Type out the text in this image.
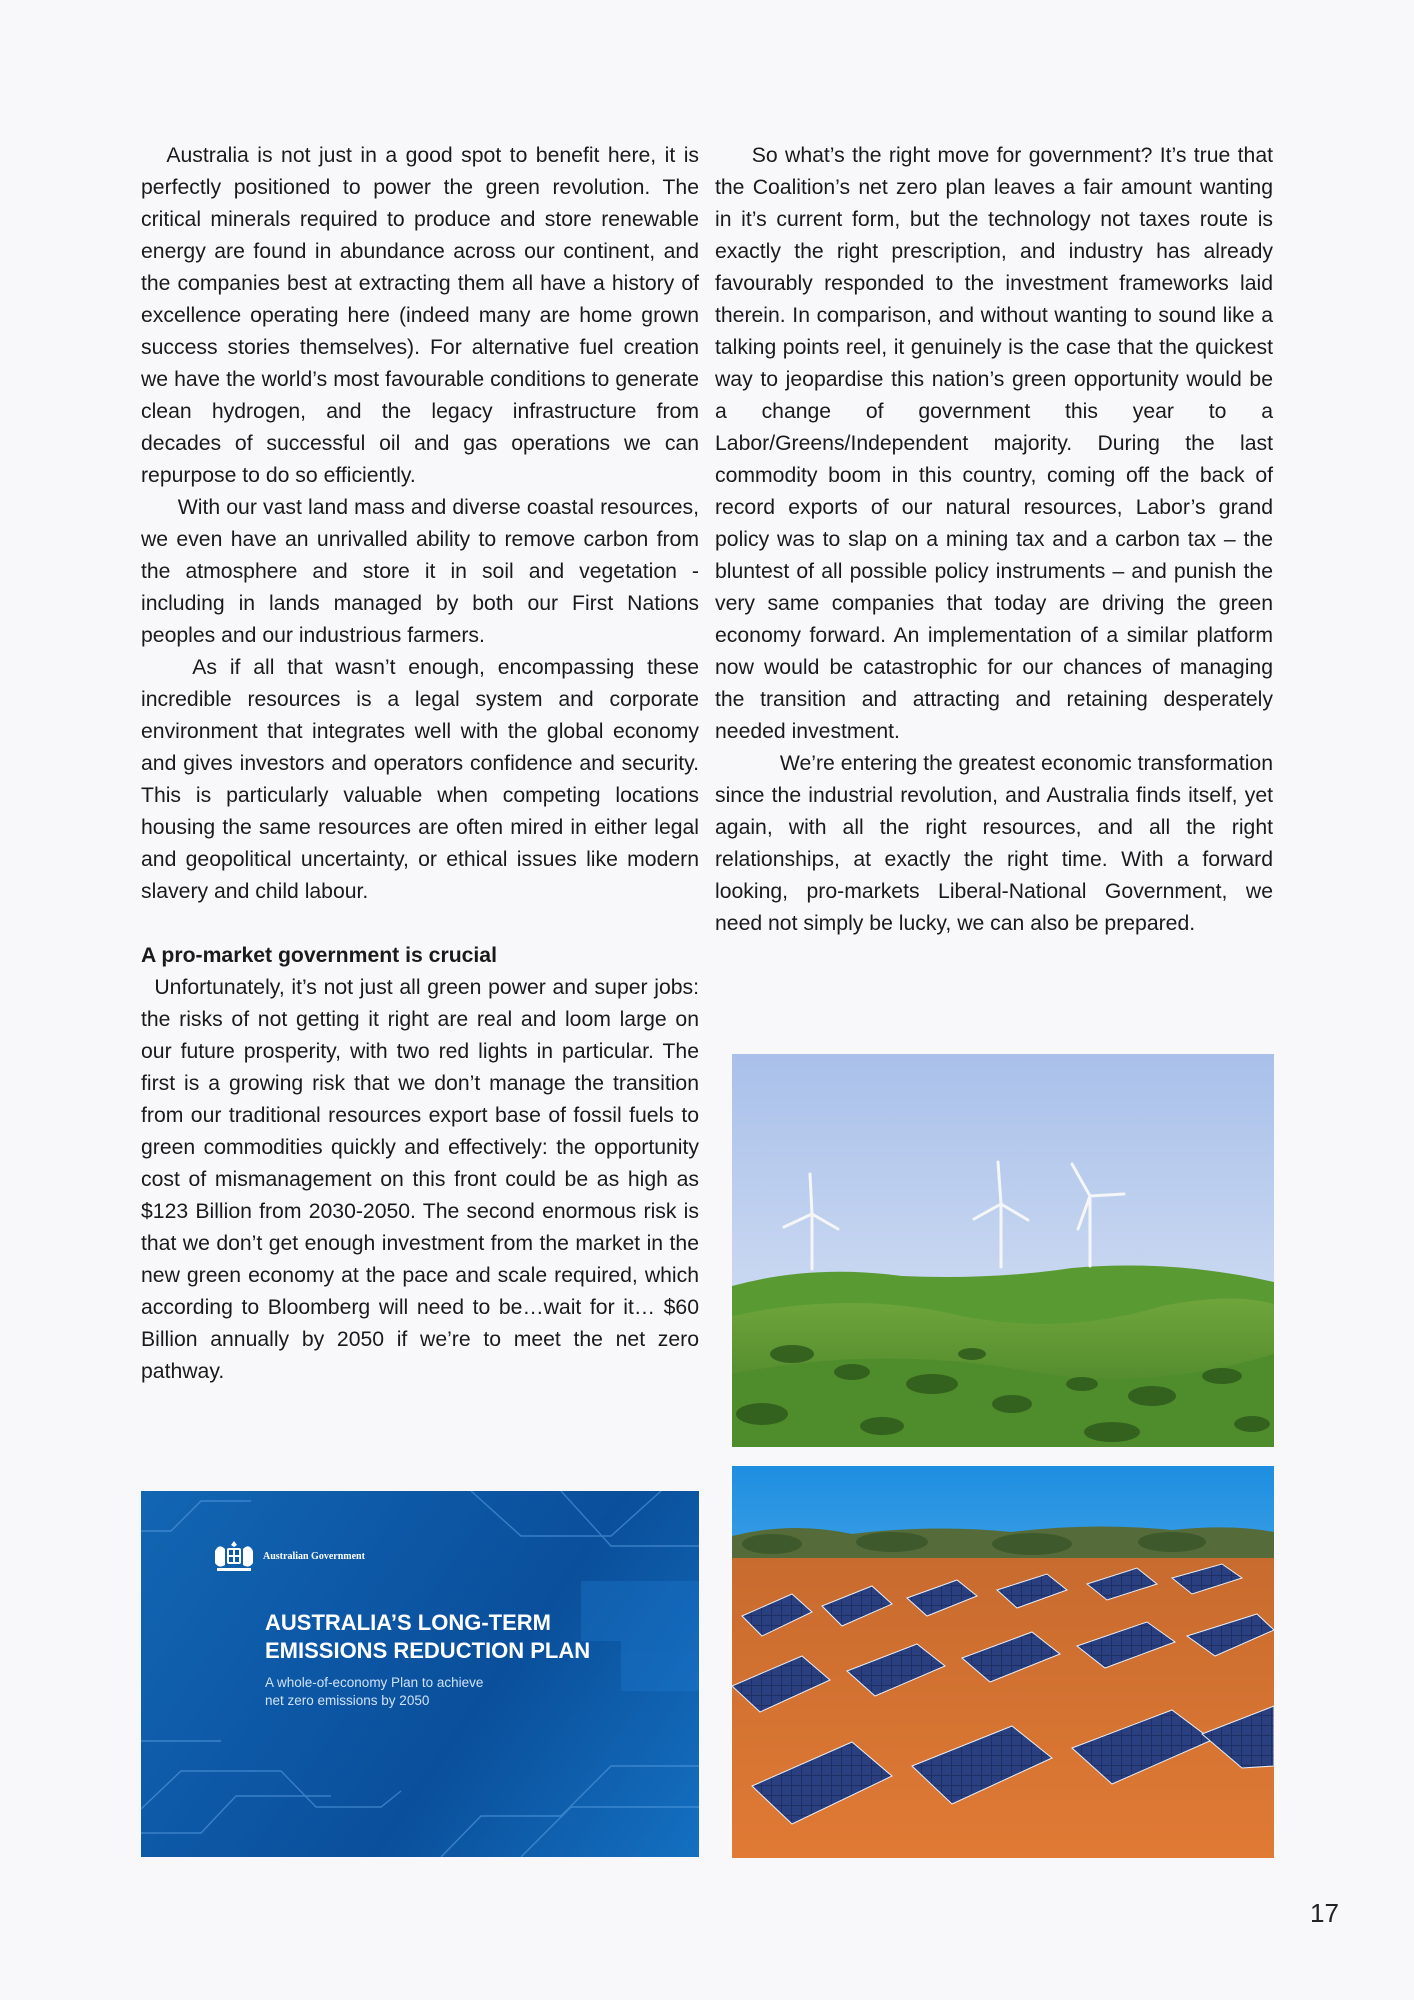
Australia is not just in a good spot to benefit here, it is perfectly positioned to power the green revolution. The critical minerals required to produce and store renewable energy are found in abundance across our continent, and the companies best at extracting them all have a history of excellence operating here (indeed many are home grown success stories themselves). For alternative fuel creation we have the world’s most favourable conditions to generate clean hydrogen, and the legacy infrastructure from decades of successful oil and gas operations we can repurpose to do so efficiently.

With our vast land mass and diverse coastal resources, we even have an unrivalled ability to remove carbon from the atmosphere and store it in soil and vegetation - including in lands managed by both our First Nations peoples and our industrious farmers.

As if all that wasn’t enough, encompassing these incredible resources is a legal system and corporate environment that integrates well with the global economy and gives investors and operators confidence and security. This is particularly valuable when competing locations housing the same resources are often mired in either legal and geopolitical uncertainty, or ethical issues like modern slavery and child labour.

A pro-market government is crucial

Unfortunately, it’s not just all green power and super jobs: the risks of not getting it right are real and loom large on our future prosperity, with two red lights in particular. The first is a growing risk that we don’t manage the transition from our traditional resources export base of fossil fuels to green commodities quickly and effectively: the opportunity cost of mismanagement on this front could be as high as $123 Billion from 2030-2050. The second enormous risk is that we don’t get enough investment from the market in the new green economy at the pace and scale required, which according to Bloomberg will need to be…wait for it… $60 Billion annually by 2050 if we’re to meet the net zero pathway.

So what’s the right move for government? It’s true that the Coalition’s net zero plan leaves a fair amount wanting in it’s current form, but the technology not taxes route is exactly the right prescription, and industry has already favourably responded to the investment frameworks laid therein. In comparison, and without wanting to sound like a talking points reel, it genuinely is the case that the quickest way to jeopardise this nation’s green opportunity would be a change of government this year to a Labor/Greens/Independent majority. During the last commodity boom in this country, coming off the back of record exports of our natural resources, Labor’s grand policy was to slap on a mining tax and a carbon tax – the bluntest of all possible policy instruments – and punish the very same companies that today are driving the green economy forward. An implementation of a similar platform now would be catastrophic for our chances of managing the transition and attracting and retaining desperately needed investment.

We’re entering the greatest economic transformation since the industrial revolution, and Australia finds itself, yet again, with all the right resources, and all the right relationships, at exactly the right time. With a forward looking, pro-markets Liberal-National Government, we need not simply be lucky, we can also be prepared.

Australian Government
AUSTRALIA’S LONG-TERM
EMISSIONS REDUCTION PLAN
A whole-of-economy Plan to achieve
net zero emissions by 2050
17
